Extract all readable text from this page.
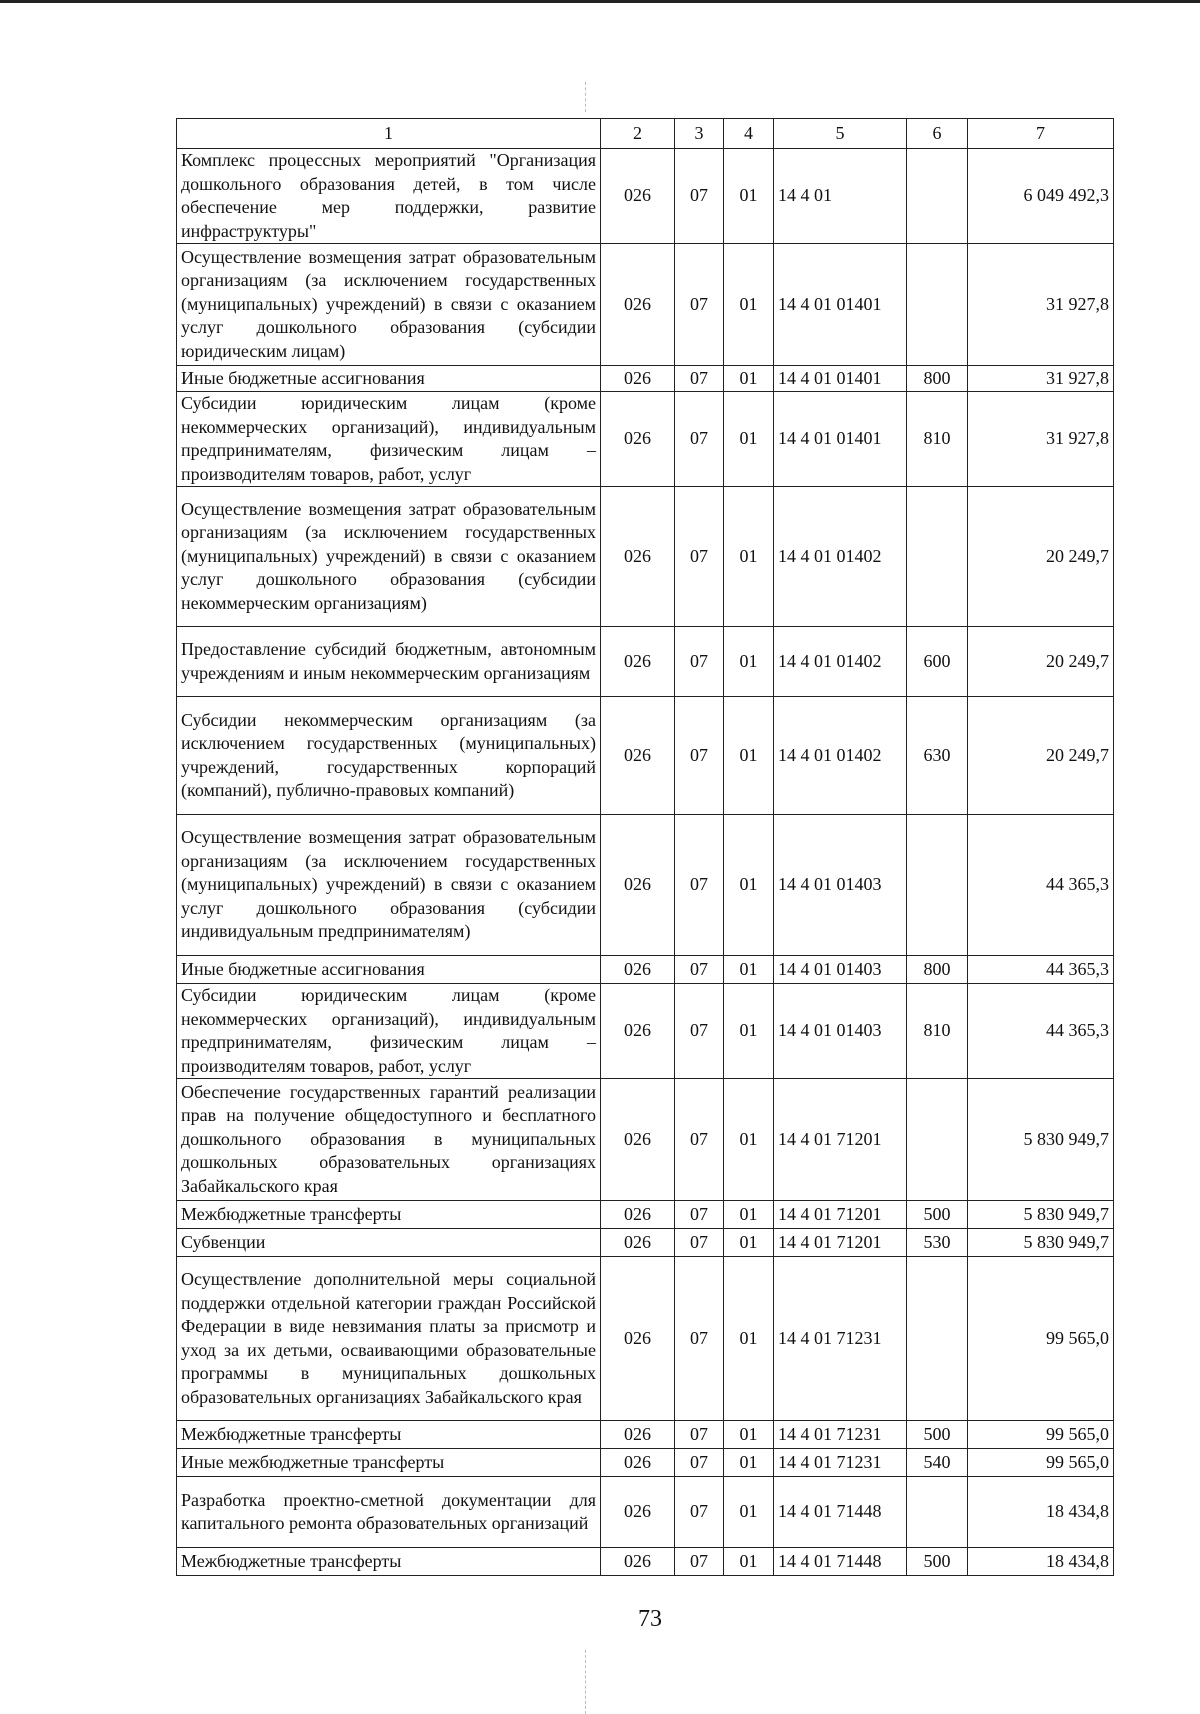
1	2	3	4	5	6	7
Комплекс процессных мероприятий "Организация дошкольного образования детей, в том числе обеспечение мер поддержки, развитие инфраструктуры"	026	07	01	14 4 01		6 049 492,3
Осуществление возмещения затрат образовательным организациям (за исключением государственных (муниципальных) учреждений) в связи с оказанием услуг дошкольного образования (субсидии юридическим лицам)	026	07	01	14 4 01 01401		31 927,8
Иные бюджетные ассигнования	026	07	01	14 4 01 01401	800	31 927,8
Субсидии юридическим лицам (кроме некоммерческих организаций), индивидуальным предпринимателям, физическим лицам – производителям товаров, работ, услуг	026	07	01	14 4 01 01401	810	31 927,8
Осуществление возмещения затрат образовательным организациям (за исключением государственных (муниципальных) учреждений) в связи с оказанием услуг дошкольного образования (субсидии некоммерческим организациям)	026	07	01	14 4 01 01402		20 249,7
Предоставление субсидий бюджетным, автономным учреждениям и иным некоммерческим организациям	026	07	01	14 4 01 01402	600	20 249,7
Субсидии некоммерческим организациям (за исключением государственных (муниципальных) учреждений, государственных корпораций (компаний), публично-правовых компаний)	026	07	01	14 4 01 01402	630	20 249,7
Осуществление возмещения затрат образовательным организациям (за исключением государственных (муниципальных) учреждений) в связи с оказанием услуг дошкольного образования (субсидии индивидуальным предпринимателям)	026	07	01	14 4 01 01403		44 365,3
Иные бюджетные ассигнования	026	07	01	14 4 01 01403	800	44 365,3
Субсидии юридическим лицам (кроме некоммерческих организаций), индивидуальным предпринимателям, физическим лицам – производителям товаров, работ, услуг	026	07	01	14 4 01 01403	810	44 365,3
Обеспечение государственных гарантий реализации прав на получение общедоступного и бесплатного дошкольного образования в муниципальных дошкольных образовательных организациях Забайкальского края	026	07	01	14 4 01 71201		5 830 949,7
Межбюджетные трансферты	026	07	01	14 4 01 71201	500	5 830 949,7
Субвенции	026	07	01	14 4 01 71201	530	5 830 949,7
Осуществление дополнительной меры социальной поддержки отдельной категории граждан Российской Федерации в виде невзимания платы за присмотр и уход за их детьми, осваивающими образовательные программы в муниципальных дошкольных образовательных организациях Забайкальского края	026	07	01	14 4 01 71231		99 565,0
Межбюджетные трансферты	026	07	01	14 4 01 71231	500	99 565,0
Иные межбюджетные трансферты	026	07	01	14 4 01 71231	540	99 565,0
Разработка проектно-сметной документации для капитального ремонта образовательных организаций	026	07	01	14 4 01 71448		18 434,8
Межбюджетные трансферты	026	07	01	14 4 01 71448	500	18 434,8
73
